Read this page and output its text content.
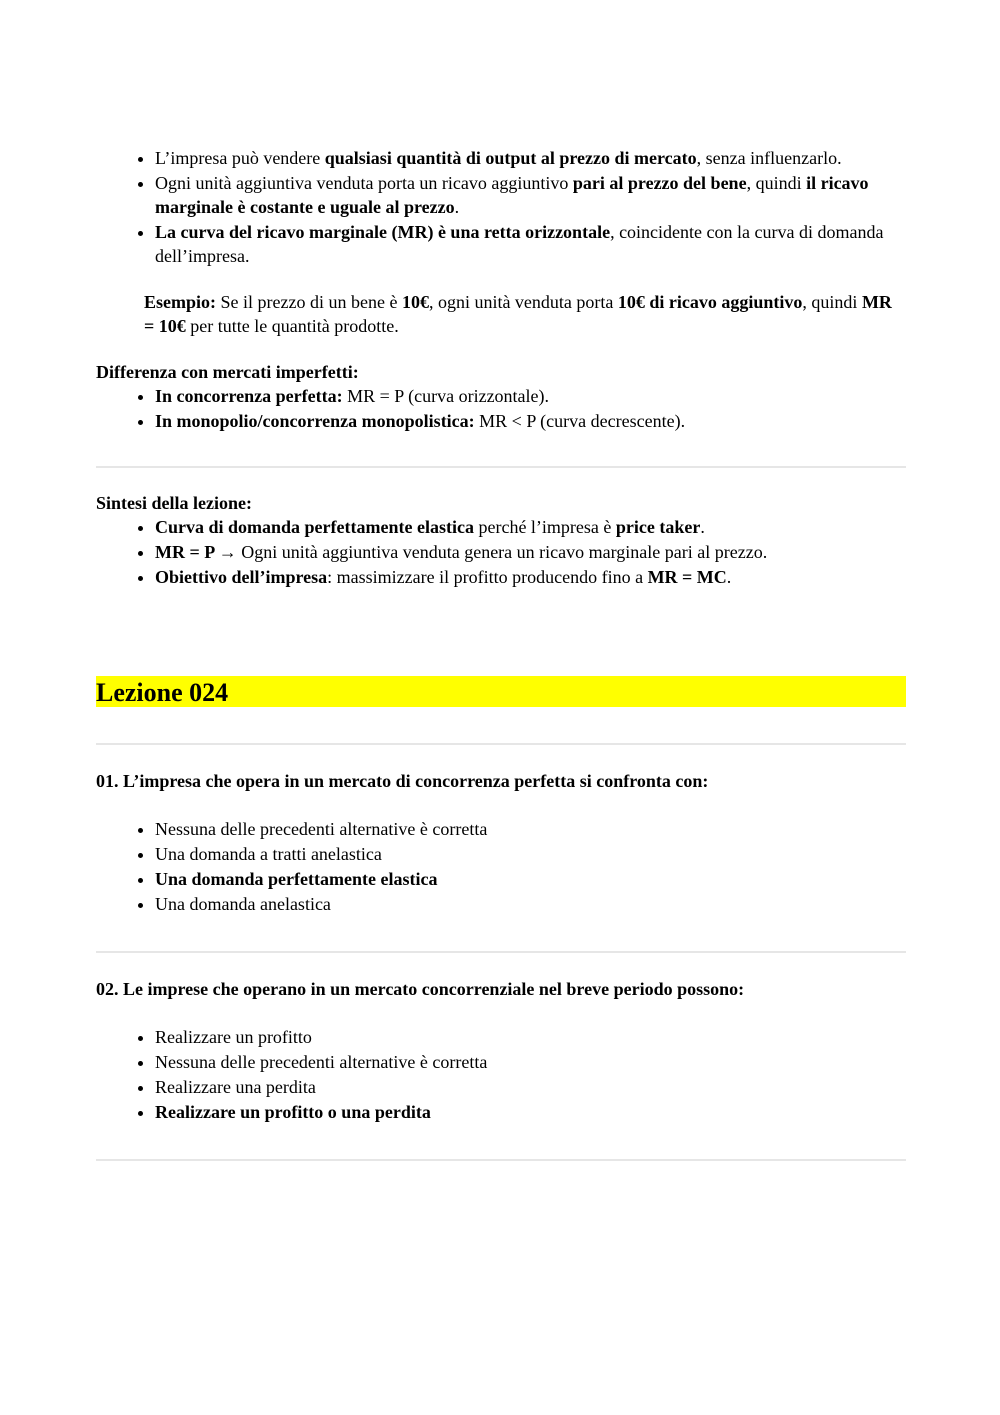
• L’impresa può vendere qualsiasi quantità di output al prezzo di mercato, senza influenzarlo.
• Ogni unità aggiuntiva venduta porta un ricavo aggiuntivo pari al prezzo del bene, quindi il ricavo marginale è costante e uguale al prezzo.
• La curva del ricavo marginale (MR) è una retta orizzontale, coincidente con la curva di domanda dell’impresa.
Esempio: Se il prezzo di un bene è 10€, ogni unità venduta porta 10€ di ricavo aggiuntivo, quindi MR = 10€ per tutte le quantità prodotte.
Differenza con mercati imperfetti:
• In concorrenza perfetta: MR = P (curva orizzontale).
• In monopolio/concorrenza monopolistica: MR < P (curva decrescente).
Sintesi della lezione:
• Curva di domanda perfettamente elastica perché l’impresa è price taker.
• MR = P → Ogni unità aggiuntiva venduta genera un ricavo marginale pari al prezzo.
• Obiettivo dell’impresa: massimizzare il profitto producendo fino a MR = MC.
Lezione 024
01. L’impresa che opera in un mercato di concorrenza perfetta si confronta con:
• Nessuna delle precedenti alternative è corretta
• Una domanda a tratti anelastica
• Una domanda perfettamente elastica
• Una domanda anelastica
02. Le imprese che operano in un mercato concorrenziale nel breve periodo possono:
• Realizzare un profitto
• Nessuna delle precedenti alternative è corretta
• Realizzare una perdita
• Realizzare un profitto o una perdita
